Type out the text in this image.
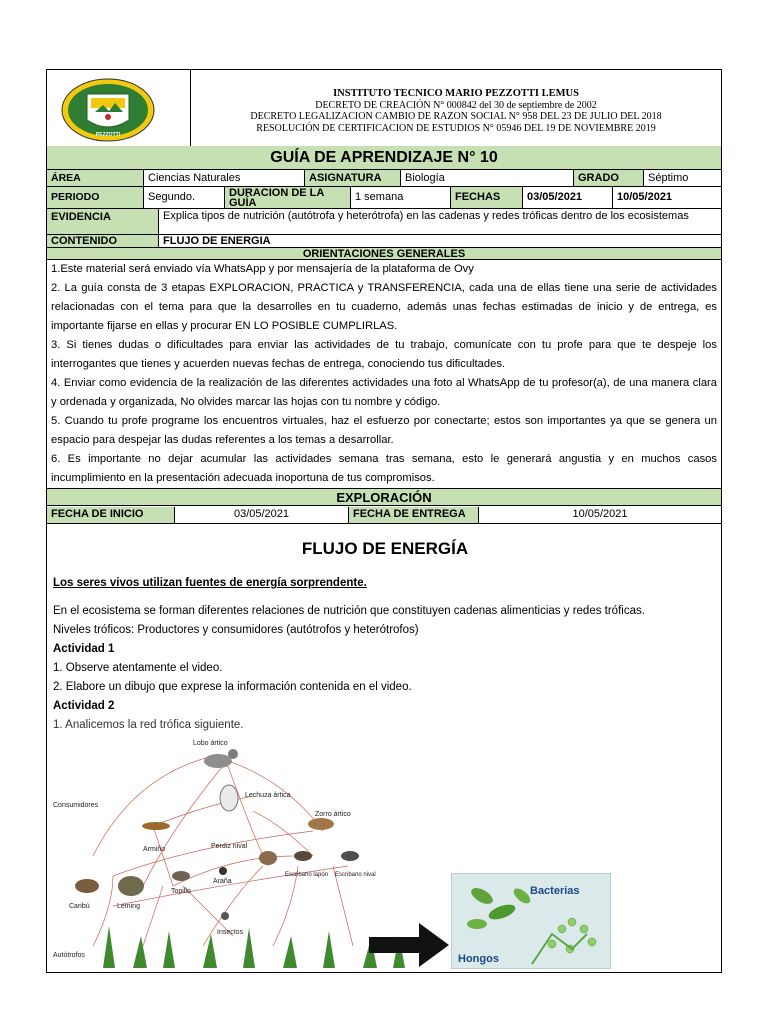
PEZZOTTI
INSTITUTO TECNICO MARIO PEZZOTTI LEMUS
DECRETO DE CREACIÓN N° 000842 del 30 de septiembre de 2002
DECRETO LEGALIZACION CAMBIO DE RAZON SOCIAL N° 958 DEL 23 DE JULIO DEL 2018
RESOLUCIÓN DE CERTIFICACION DE ESTUDIOS N° 05946 DEL 19 DE NOVIEMBRE 2019
GUÍA DE APRENDIZAJE N° 10
ÁREA	Ciencias Naturales	ASIGNATURA	Biología	GRADO	Séptimo
PERIODO	Segundo.	DURACION DE LA GUÍA	1 semana	FECHAS	03/05/2021	10/05/2021
EVIDENCIA	Explica tipos de nutrición (autótrofa y heterótrofa) en las cadenas y redes tróficas dentro de los ecosistemas
CONTENIDO	FLUJO DE ENERGIA
ORIENTACIONES GENERALES

1.Este material será enviado vía WhatsApp y por mensajería de la plataforma de Ovy

2. La guía consta de 3 etapas EXPLORACION, PRACTICA y TRANSFERENCIA, cada una de ellas tiene una serie de actividades relacionadas con el tema para que la desarrolles en tu cuaderno, además unas fechas estimadas de inicio y de entrega, es importante fijarse en ellas y procurar EN LO POSIBLE CUMPLIRLAS.

3. Si tienes dudas o dificultades para enviar las actividades de tu trabajo, comunícate con tu profe para que te despeje los interrogantes que tienes y acuerden nuevas fechas de entrega, conociendo tus dificultades.

4. Enviar como evidencia de la realización de las diferentes actividades una foto al WhatsApp de tu profesor(a), de una manera clara y ordenada y organizada, No olvides marcar las hojas con tu nombre y código.

5. Cuando tu profe programe los encuentros virtuales, haz el esfuerzo por conectarte; estos son importantes ya que se genera un espacio para despejar las dudas referentes a los temas a desarrollar.

6. Es importante no dejar acumular las actividades semana tras semana, esto le generará angustia y en muchos casos incumplimiento en la presentación adecuada inoportuna de tus compromisos.

EXPLORACIÓN
FECHA DE INICIO	03/05/2021	FECHA DE ENTREGA	10/05/2021
FLUJO DE ENERGÍA
Los seres vivos utilizan fuentes de energía sorprendente.
En el ecosistema se forman diferentes relaciones de nutrición que constituyen cadenas alimenticias y redes tróficas.
Niveles tróficos: Productores y consumidores (autótrofos y heterótrofos)
Actividad 1
1. Observe atentamente el video.
2. Elabore un dibujo que exprese la información contenida en el video.
Actividad 2
1. Analicemos la red trófica siguiente.
Lobo ártico
Consumidores
Lechuza ártica
Zorro ártico
Armiño	Perdiz nival
Escribano lapón Escribano nival
Araña
Topillo
Caribú	Leming
Insectos
Autótrofos
Bacterias
Hongos
